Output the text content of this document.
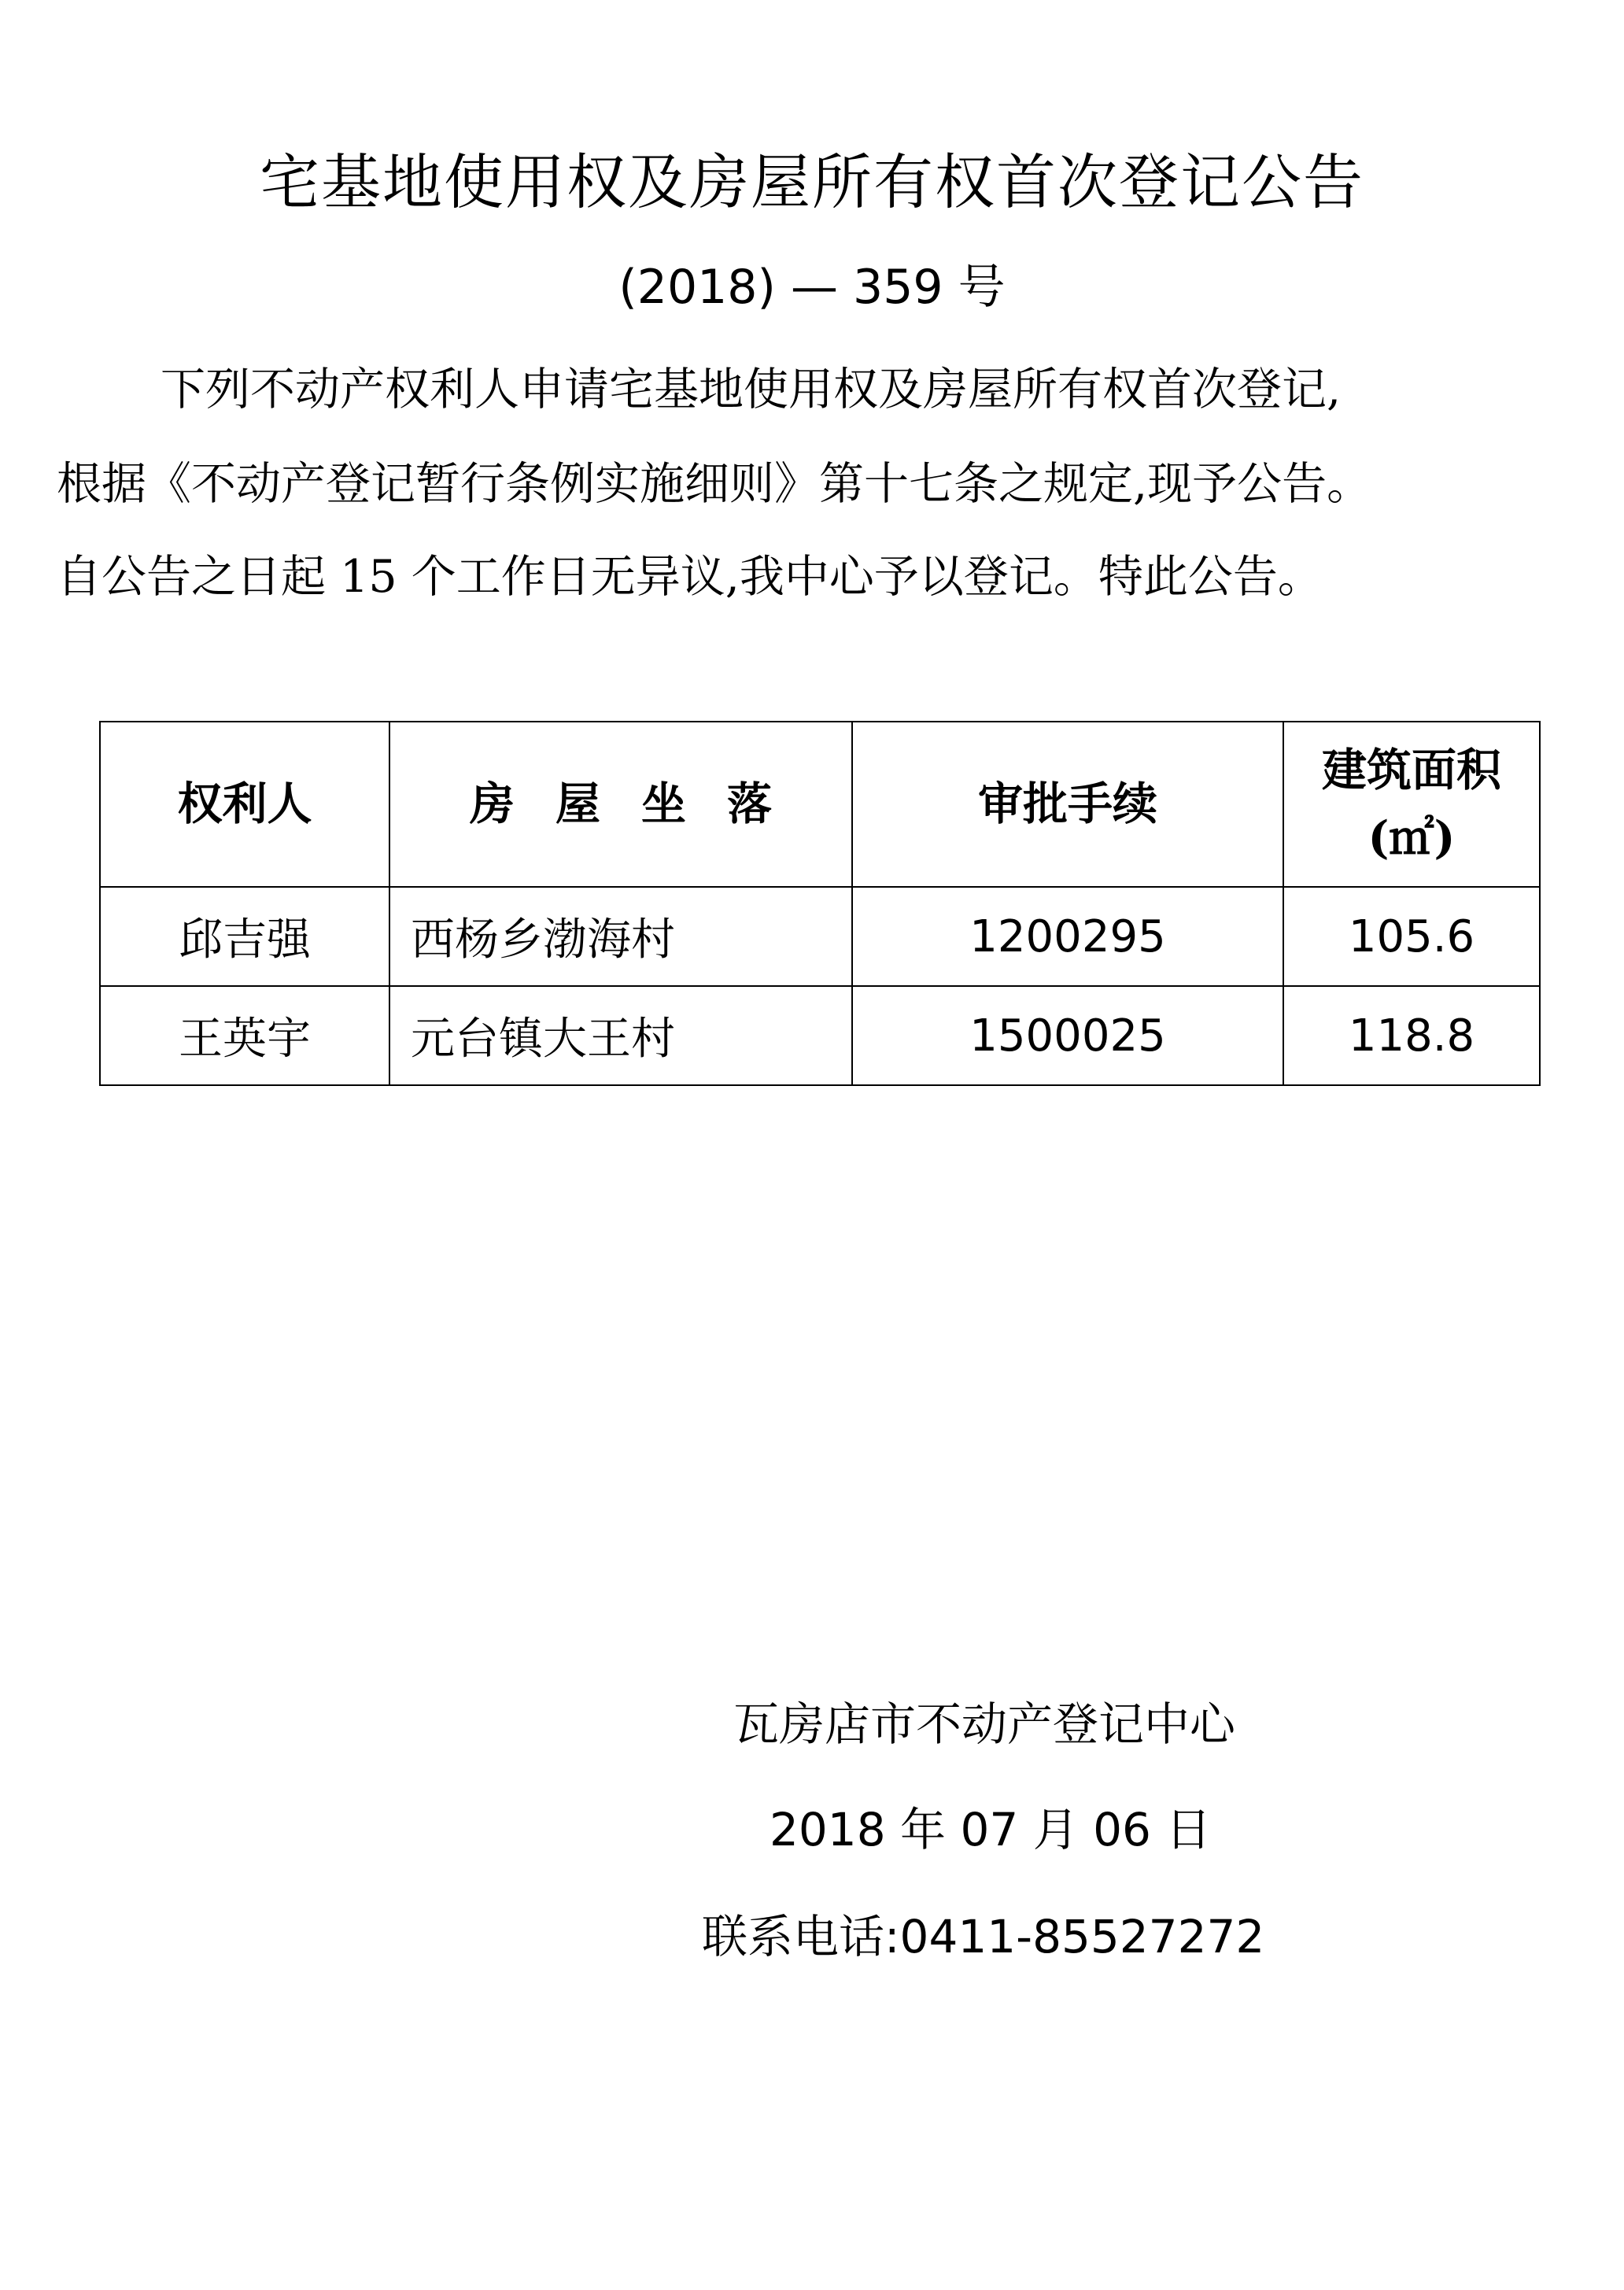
宅基地使用权及房屋所有权首次登记公告
(2018) — 359 号
下列不动产权利人申请宅基地使用权及房屋所有权首次登记,
根据《不动产登记暂行条例实施细则》第十七条之规定,现予公告。
自公告之日起 15 个工作日无异议,我中心予以登记。特此公告。
权利人	房屋坐落	审批手续	建筑面积
(㎡)

邱吉强	西杨乡渤海村	1200295	105.6
王英宇	元台镇大王村	1500025	118.8
瓦房店市不动产登记中心
2018 年 07 月 06 日
联系电话:0411-85527272
